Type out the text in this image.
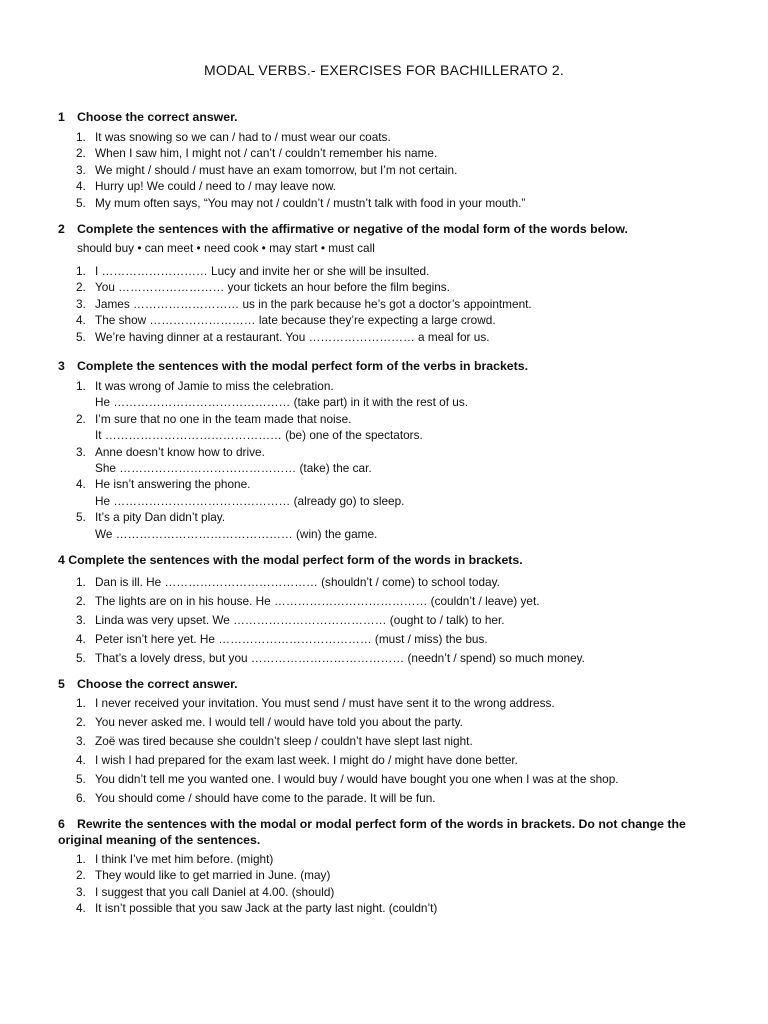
MODAL VERBS.- EXERCISES FOR BACHILLERATO 2.
1 Choose the correct answer.
1. It was snowing so we can / had to / must wear our coats.
2. When I saw him, I might not / can’t / couldn’t remember his name.
3. We might / should / must have an exam tomorrow, but I’m not certain.
4. Hurry up! We could / need to / may leave now.
5. My mum often says, “You may not / couldn’t / mustn’t talk with food in your mouth.”
2 Complete the sentences with the affirmative or negative of the modal form of the words below.
should buy • can meet • need cook • may start • must call
1. I ……………………… Lucy and invite her or she will be insulted.
2. You ……………………… your tickets an hour before the film begins.
3. James ……………………… us in the park because he’s got a doctor’s appointment.
4. The show ……………………… late because they’re expecting a large crowd.
5. We’re having dinner at a restaurant. You ……………………… a meal for us.
3 Complete the sentences with the modal perfect form of the verbs in brackets.
1. It was wrong of Jamie to miss the celebration.
He ……………………………………… (take part) in it with the rest of us.
2. I’m sure that no one in the team made that noise.
It ……………………………………… (be) one of the spectators.
3. Anne doesn’t know how to drive.
She ……………………………………… (take) the car.
4. He isn’t answering the phone.
He ……………………………………… (already go) to sleep.
5. It’s a pity Dan didn’t play.
We ……………………………………… (win) the game.
4 Complete the sentences with the modal perfect form of the words in brackets.
1. Dan is ill. He ………………………………… (shouldn’t / come) to school today.
2. The lights are on in his house. He ………………………………… (couldn’t / leave) yet.
3. Linda was very upset. We ………………………………… (ought to / talk) to her.
4. Peter isn’t here yet. He ………………………………… (must / miss) the bus.
5. That’s a lovely dress, but you ………………………………… (needn’t / spend) so much money.
5 Choose the correct answer.
1. I never received your invitation. You must send / must have sent it to the wrong address.
2. You never asked me. I would tell / would have told you about the party.
3. Zoë was tired because she couldn’t sleep / couldn’t have slept last night.
4. I wish I had prepared for the exam last week. I might do / might have done better.
5. You didn’t tell me you wanted one. I would buy / would have bought you one when I was at the shop.
6. You should come / should have come to the parade. It will be fun.
6 Rewrite the sentences with the modal or modal perfect form of the words in brackets. Do not change the original meaning of the sentences.
1. I think I’ve met him before. (might)
2. They would like to get married in June. (may)
3. I suggest that you call Daniel at 4.00. (should)
4. It isn’t possible that you saw Jack at the party last night. (couldn’t)
